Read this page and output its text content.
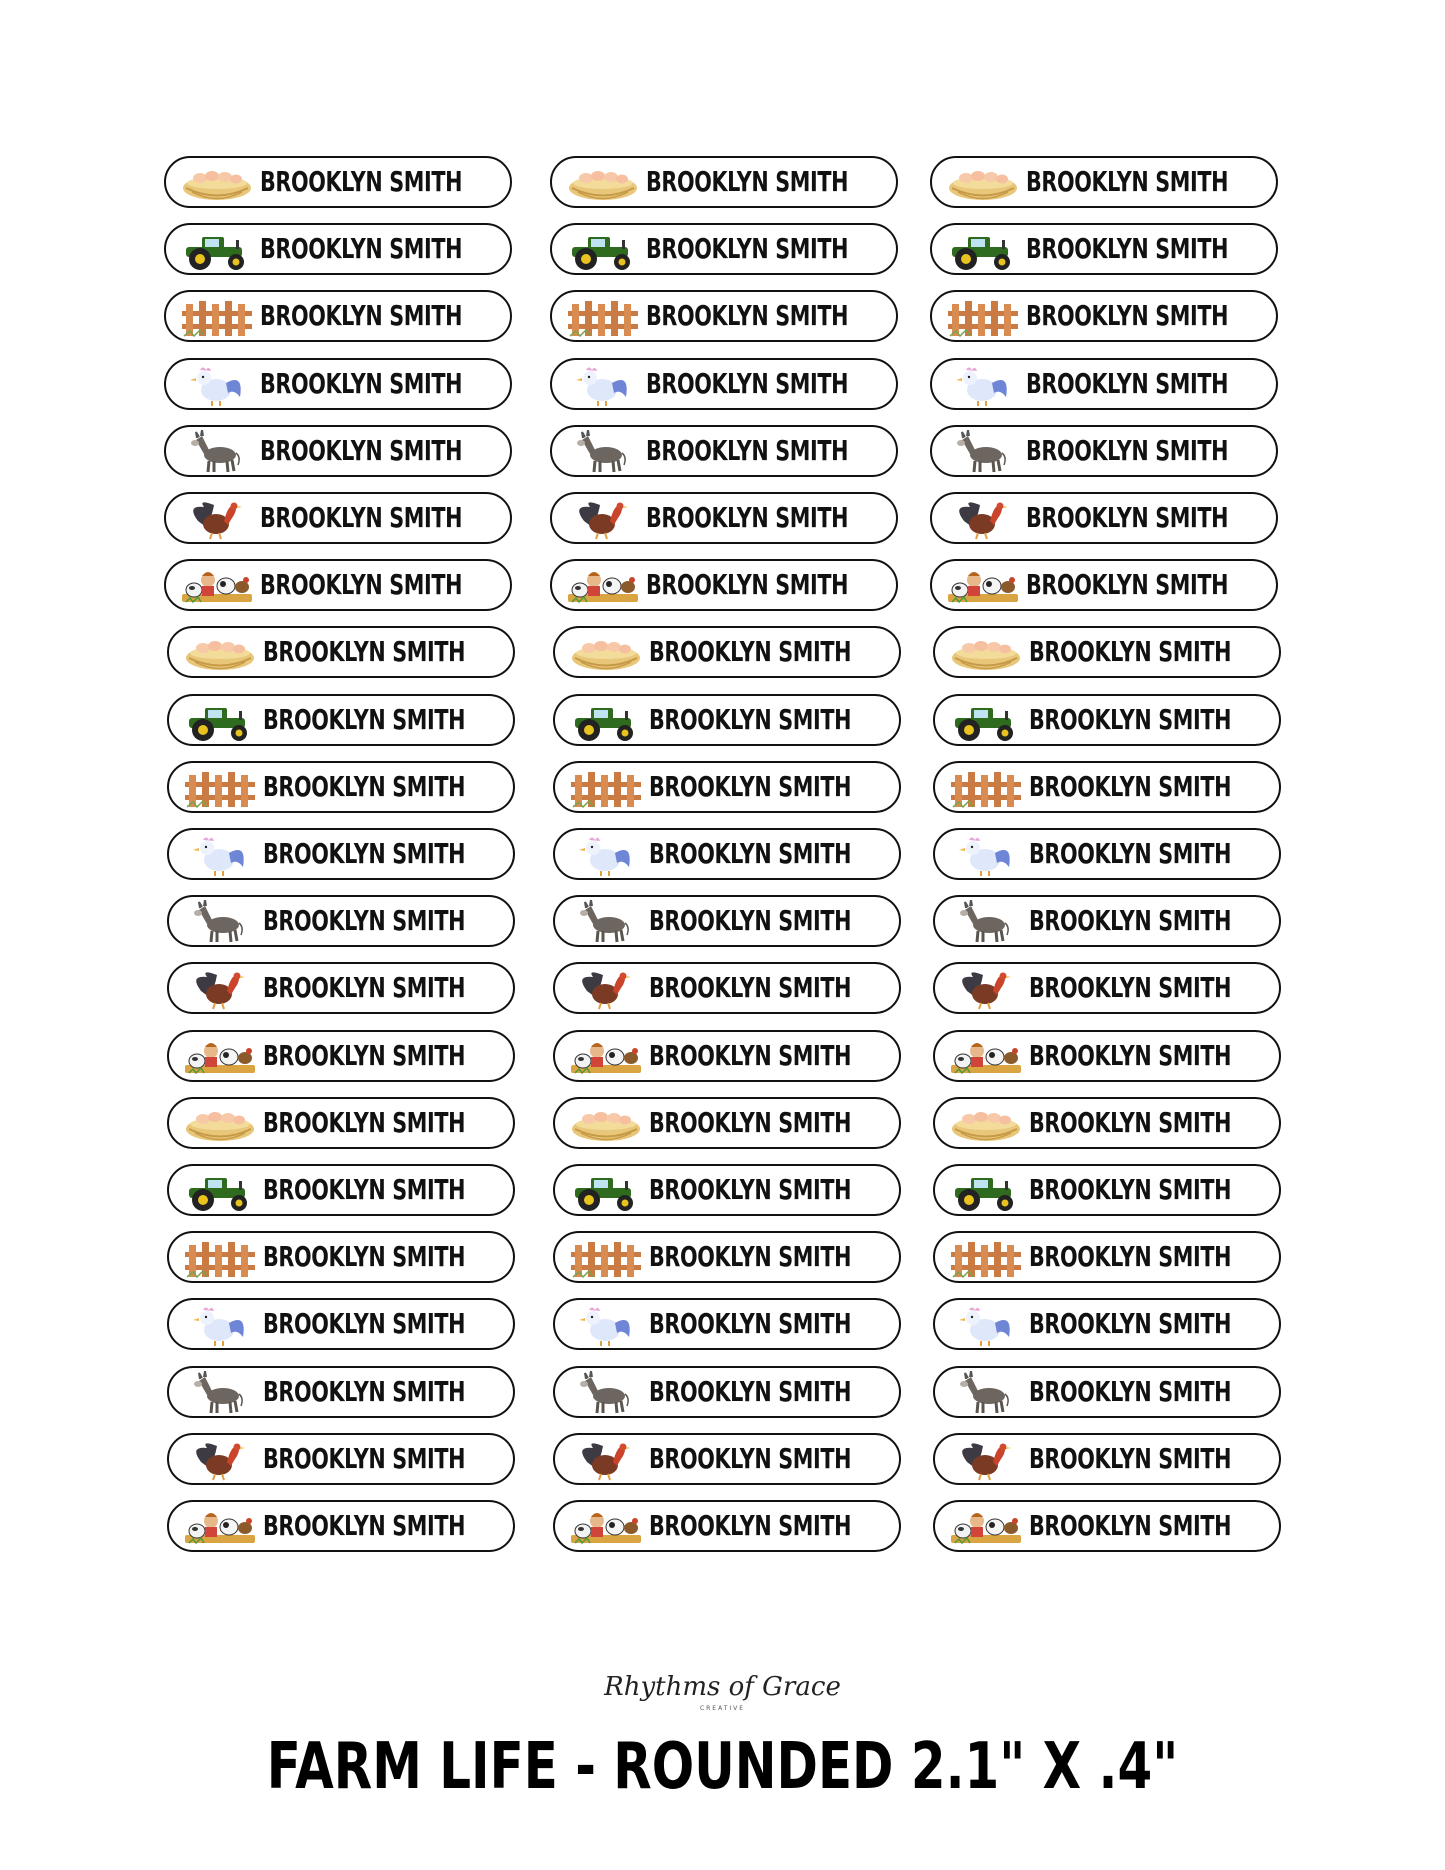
Rhythms of Grace
CREATIVE
FARM LIFE - ROUNDED 2.1" X .4"
BROOKLYN SMITH	BROOKLYN SMITH	BROOKLYN SMITH
BROOKLYN SMITH	BROOKLYN SMITH	BROOKLYN SMITH
BROOKLYN SMITH	BROOKLYN SMITH	BROOKLYN SMITH
BROOKLYN SMITH	BROOKLYN SMITH	BROOKLYN SMITH
BROOKLYN SMITH	BROOKLYN SMITH	BROOKLYN SMITH
BROOKLYN SMITH	BROOKLYN SMITH	BROOKLYN SMITH
BROOKLYN SMITH	BROOKLYN SMITH	BROOKLYN SMITH
BROOKLYN SMITH	BROOKLYN SMITH	BROOKLYN SMITH
BROOKLYN SMITH	BROOKLYN SMITH	BROOKLYN SMITH
BROOKLYN SMITH	BROOKLYN SMITH	BROOKLYN SMITH
BROOKLYN SMITH	BROOKLYN SMITH	BROOKLYN SMITH
BROOKLYN SMITH	BROOKLYN SMITH	BROOKLYN SMITH
BROOKLYN SMITH	BROOKLYN SMITH	BROOKLYN SMITH
BROOKLYN SMITH	BROOKLYN SMITH	BROOKLYN SMITH
BROOKLYN SMITH	BROOKLYN SMITH	BROOKLYN SMITH
BROOKLYN SMITH	BROOKLYN SMITH	BROOKLYN SMITH
BROOKLYN SMITH	BROOKLYN SMITH	BROOKLYN SMITH
BROOKLYN SMITH	BROOKLYN SMITH	BROOKLYN SMITH
BROOKLYN SMITH	BROOKLYN SMITH	BROOKLYN SMITH
BROOKLYN SMITH	BROOKLYN SMITH	BROOKLYN SMITH
BROOKLYN SMITH	BROOKLYN SMITH	BROOKLYN SMITH
